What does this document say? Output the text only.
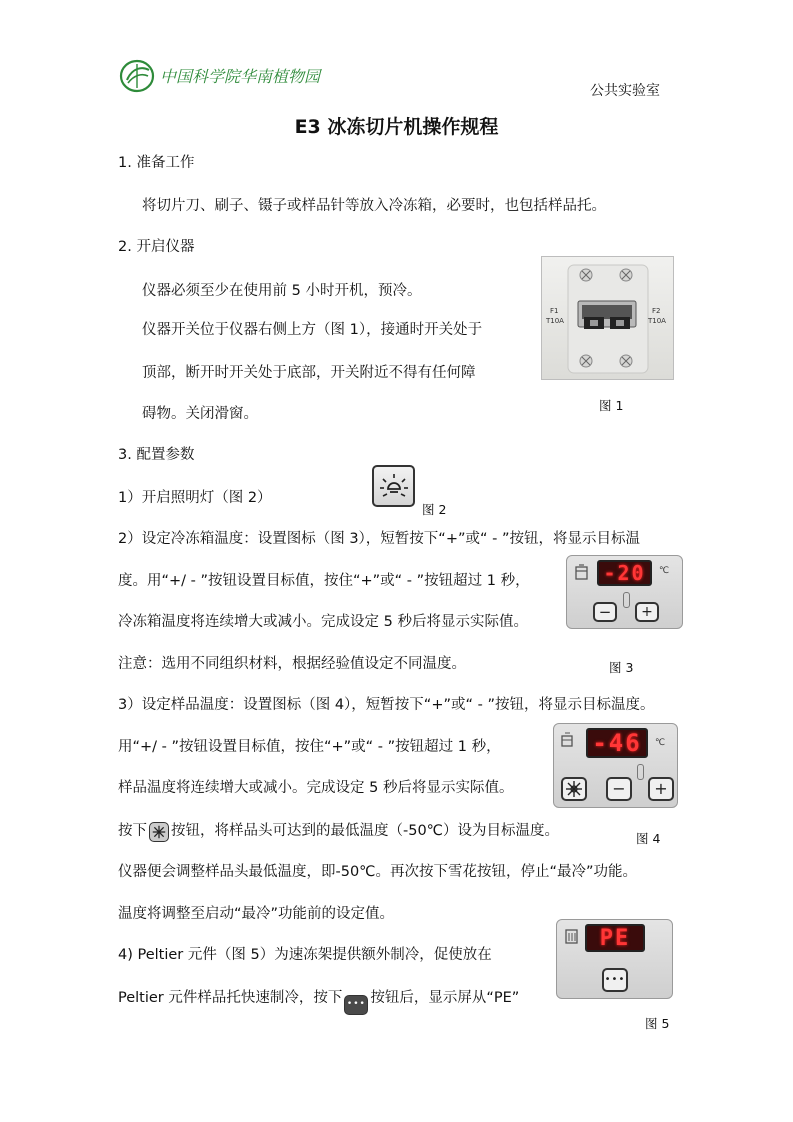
中国科学院华南植物园
公共实验室
E3 冰冻切片机操作规程
1. 准备工作
将切片刀、刷子、镊子或样品针等放入冷冻箱，必要时，也包括样品托。
2. 开启仪器
仪器必须至少在使用前 5 小时开机，预冷。
仪器开关位于仪器右侧上方（图 1），接通时开关处于
顶部，断开时开关处于底部，开关附近不得有任何障
碍物。关闭滑窗。
F1
T10A
F2
T10A
图 1
3. 配置参数
1）开启照明灯（图 2）
图 2
2）设定冷冻箱温度：设置图标（图 3），短暂按下“+”或“ - ”按钮，将显示目标温
度。用“+/ - ”按钮设置目标值，按住“+”或“ - ”按钮超过 1 秒，
冷冻箱温度将连续增大或减小。完成设定 5 秒后将显示实际值。
-20	℃
−	+
注意：选用不同组织材料，根据经验值设定不同温度。	图 3
3）设定样品温度：设置图标（图 4），短暂按下“+”或“ - ”按钮，将显示目标温度。
用“+/ - ”按钮设置目标值，按住“+”或“ - ”按钮超过 1 秒，
样品温度将连续增大或减小。完成设定 5 秒后将显示实际值。
-46	℃
−	+
按下 按钮，将样品头可达到的最低温度（-50℃）设为目标温度。	图 4
仪器便会调整样品头最低温度，即-50℃。再次按下雪花按钮，停止“最冷”功能。
温度将调整至启动“最冷”功能前的设定值。
4) Peltier 元件（图 5）为速冻架提供额外制冷，促使放在
PE
•••
Peltier 元件样品托快速制冷，按下 ••• 按钮后，显示屏从“PE”
图 5
